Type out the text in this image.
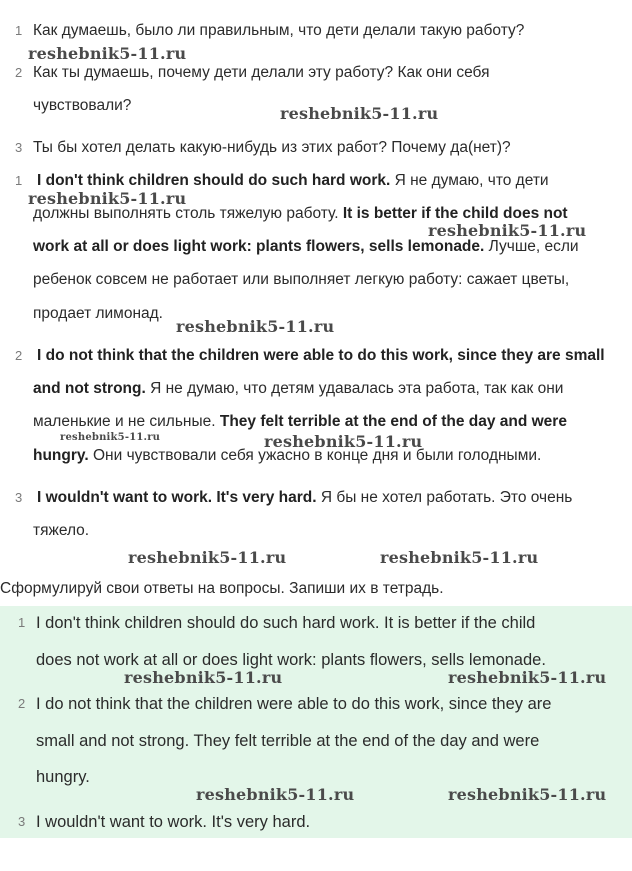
1 Как думаешь, было ли правильным, что дети делали такую работу?
2 Как ты думаешь, почему дети делали эту работу? Как они себя
чувствовали?
3 Ты бы хотел делать какую-нибудь из этих работ? Почему да(нет)?
1 I don't think children should do such hard work. Я не думаю, что дети
должны выполнять столь тяжелую работу. It is better if the child does not
work at all or does light work: plants flowers, sells lemonade. Лучше, если
ребенок совсем не работает или выполняет легкую работу: сажает цветы,
продает лимонад.
2 I do not think that the children were able to do this work, since they are small
and not strong. Я не думаю, что детям удавалась эта работа, так как они
маленькие и не сильные. They felt terrible at the end of the day and were
hungry. Они чувствовали себя ужасно в конце дня и были голодными.
3 I wouldn't want to work. It's very hard. Я бы не хотел работать. Это очень
тяжело.
Сформулируй свои ответы на вопросы. Запиши их в тетрадь.
1 I don't think children should do such hard work. It is better if the child
does not work at all or does light work: plants flowers, sells lemonade.
2 I do not think that the children were able to do this work, since they are
small and not strong. They felt terrible at the end of the day and were
hungry.
3 I wouldn't want to work. It's very hard.
reshebnik5-11.ru
reshebnik5-11.ru
reshebnik5-11.ru
reshebnik5-11.ru
reshebnik5-11.ru
reshebnik5-11.ru	reshebnik5-11.ru
reshebnik5-11.ru	reshebnik5-11.ru
reshebnik5-11.ru	reshebnik5-11.ru
reshebnik5-11.ru	reshebnik5-11.ru
